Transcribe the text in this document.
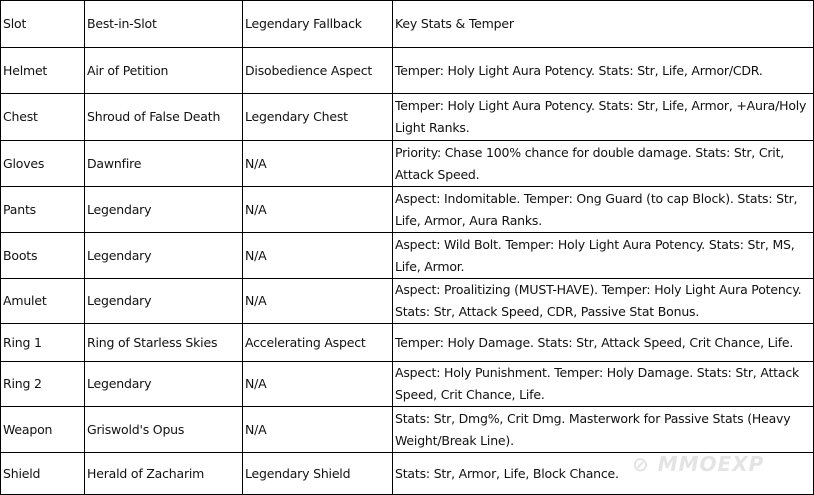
Slot	Best-in-Slot	Legendary Fallback	Key Stats & Temper
Helmet	Air of Petition	Disobedience Aspect	Temper: Holy Light Aura Potency. Stats: Str, Life, Armor/CDR.
Chest	Shroud of False Death	Legendary Chest	Temper: Holy Light Aura Potency. Stats: Str, Life, Armor, +Aura/Holy Light Ranks.
Gloves	Dawnfire	N/A	Priority: Chase 100% chance for double damage. Stats: Str, Crit, Attack Speed.
Pants	Legendary	N/A	Aspect: Indomitable. Temper: Ong Guard (to cap Block). Stats: Str, Life, Armor, Aura Ranks.
Boots	Legendary	N/A	Aspect: Wild Bolt. Temper: Holy Light Aura Potency. Stats: Str, MS, Life, Armor.
Amulet	Legendary	N/A	Aspect: Proalitizing (MUST-HAVE). Temper: Holy Light Aura Potency. Stats: Str, Attack Speed, CDR, Passive Stat Bonus.
Ring 1	Ring of Starless Skies	Accelerating Aspect	Temper: Holy Damage. Stats: Str, Attack Speed, Crit Chance, Life.
Ring 2	Legendary	N/A	Aspect: Holy Punishment. Temper: Holy Damage. Stats: Str, Attack Speed, Crit Chance, Life.
Weapon	Griswold's Opus	N/A	Stats: Str, Dmg%, Crit Dmg. Masterwork for Passive Stats (Heavy Weight/Break Line).
Shield	Herald of Zacharim	Legendary Shield	Stats: Str, Armor, Life, Block Chance. ⊘ MMOEXP
